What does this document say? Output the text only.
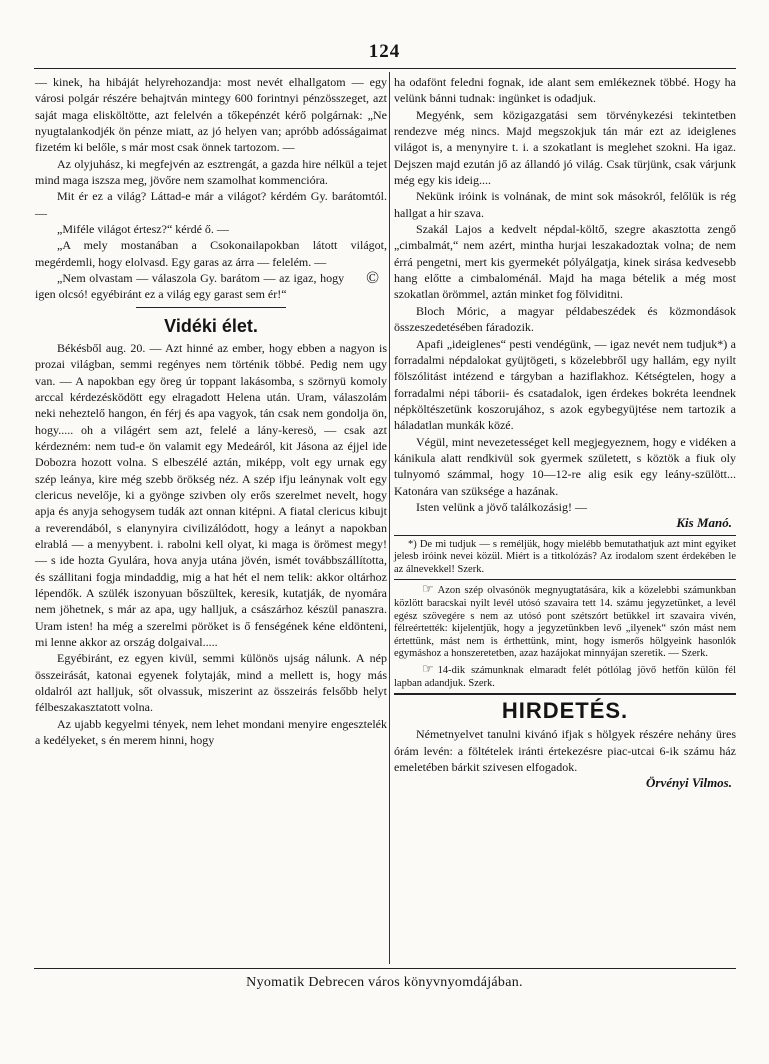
124

— kinek, ha hibáját helyrehozandja: most nevét elhallgatom — egy városi polgár részére behajtván mintegy 600 forintnyi pénzösszeget, azt saját maga elisköltötte, azt felelvén a tőkepénzét kérő polgárnak: „Ne nyugtalankodjék ön pénze miatt, az jó helyen van; apróbb adósságaimat fizetém ki belőle, s már most csak önnek tartozom. —

Az olyjuhász, ki megfejvén az esztrengát, a gazda hire nélkül a tejet mind maga iszsza meg, jövőre nem szamolhat kommencióra.

Mit ér ez a világ? Láttad-e már a világot? kérdém Gy. barátomtól. —

„Miféle világot értesz?“ kérdé ő. —

„A mely mostanában a Csokonailapokban látott világot, megérdemli, hogy elolvasd. Egy garas az árra — felelém. —

©
„Nem olvastam — válaszola Gy. barátom — az igaz, hogy igen olcsó! egyébiránt ez a világ egy garast sem ér!“

Vidéki élet.

Békésből aug. 20. — Azt hinné az ember, hogy ebben a nagyon is prozai világban, semmi regényes nem történik többé. Pedig nem ugy van. — A napokban egy öreg úr toppant lakásomba, s szörnyü komoly arccal kérdezésködött egy elragadott Helena után. Uram, válaszolám neki neheztelő hangon, én férj és apa vagyok, tán csak nem gondolja ön, hogy..... oh a világért sem azt, felelé a lány-keresö, — csak azt kérdezném: nem tud-e ön valamit egy Medeáról, kit Jásona az éjjel ide Dobozra hozott volna. S elbeszélé aztán, miképp, volt egy urnak egy szép leánya, kire még szebb örökség néz. A szép ifju leánynak volt egy clericus nevelője, ki a gyönge szivben oly erős szerelmet nevelt, hogy apja és anyja sehogysem tudák azt onnan kitépni. A fiatal clericus kibujt a reverendából, s elanynyira civilizálódott, hogy a leányt a napokban elrablá — a menyybent. i. rabolni kell olyat, ki maga is örömest megy! — s ide hozta Gyulára, hova anyja utána jövén, ismét továbbszállította, és szállitani fogja mindaddig, mig a hat hét el nem telik: akkor oltárhoz lépendők. A szülék iszonyuan bőszültek, keresik, kutatják, de nyomára nem jöhetnek, s már az apa, ugy halljuk, a császárhoz készül panaszra. Uram isten! ha még a szerelmi pöröket is ő fenségének kéne eldönteni, mi lenne akkor az ország dolgaival.....

Egyébiránt, ez egyen kivül, semmi különös ujság nálunk. A nép összeirását, katonai egyenek folytaják, mind a mellett is, hogy más oldalról azt halljuk, sőt olvassuk, miszerint az összeirás felsőbb helyt félbeszakasztatott volna.

Az ujabb kegyelmi tények, nem lehet mondani menyire engesztelék a kedélyeket, s én merem hinni, hogy

ha odafönt feledni fognak, ide alant sem emlékeznek többé. Hogy ha velünk bánni tudnak: ingünket is odadjuk.

Megyénk, sem közigazgatási sem törvénykezési tekintetben rendezve még nincs. Majd megszokjuk tán már ezt az ideiglenes világot is, a menynyire t. i. a szokatlant is meglehet szokni. Ha igaz. Dejszen majd ezután jő az állandó jó világ. Csak türjünk, csak várjunk még egy kis ideig....

Nekünk iróink is volnának, de mint sok másokról, felőlük is rég hallgat a hir szava.

Szakál Lajos a kedvelt népdal-költő, szegre akasztotta zengő „cimbalmát,“ nem azért, mintha hurjai leszakadoztak volna; de nem érrá pengetni, mert kis gyermekét pólyálgatja, kinek sirása kedvesebb hang előtte a cimbaloménál. Majd ha maga bételik a még most szokatlan örömmel, aztán minket fog fölviditni.

Bloch Móric, a magyar példabeszédek és közmondások összeszedetésében fáradozik.

Apafi „ideiglenes“ pesti vendégünk, — igaz nevét nem tudjuk*) a forradalmi népdalokat gyüjtögeti, s közelebbről ugy hallám, egy nyilt fölszólitást intézend e tárgyban a haziflakhoz. Kétségtelen, hogy a forradalmi népi táborii- és csatadalok, igen érdekes bokréta leendnek népköltészetünk koszorujához, s azok egybegyüjtése nem tartozik a háladatlan munkák közé.

Végül, mint nevezetességet kell megjegyeznem, hogy e vidéken a kánikula alatt rendkivül sok gyermek született, s köztök a fiuk oly tulnyomó számmal, hogy 10—12-re alig esik egy leány-szülött... Katonára van szüksége a hazának.

Isten velünk a jövő találkozásig! —

Kis Manó.

*) De mi tudjuk — s reméljük, hogy mielébb bemutathatjuk azt mint egyiket jelesb iróink nevei közül. Miért is a titkolózás? Az irodalom szent érdekében le az álnevekkel! Szerk.

☞ Azon szép olvasónök megnyugtatására, kik a közelebbi számunkban közlött baracskai nyilt levél utósó szavaira tett 14. számu jegyzetünket, a levél egész szövegére s nem az utósó pont szétszórt betükkel irt szavaira vivén, félreértették: kijelentjük, hogy a jegyzetünkben levő „ilyenek“ szón mást nem értettünk, mást nem is érthettünk, mint, hogy ismerős hölgyeink hasonlók egymáshoz a honszeretetben, azaz hazájokat minnyájan szeretik. — Szerk.

☞ 14-dik számunknak elmaradt felét pótlólag jövő hetfőn külön fél lapban adandjuk. Szerk.

HIRDETÉS.

Németnyelvet tanulni kivánó ifjak s hölgyek részére nehány üres órám levén: a föltételek iránti értekezésre piac-utcai 6-ik számu ház emeletében bárkit szivesen elfogadok.

Örvényi Vilmos.
Nyomatik Debrecen város könyvnyomdájában.
